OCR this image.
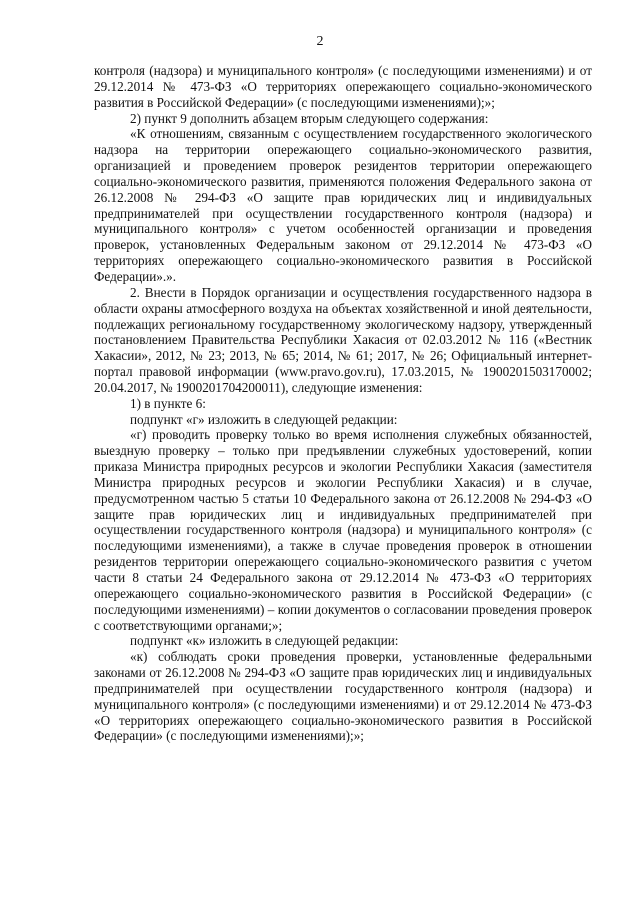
2

контроля (надзора) и муниципального контроля» (с последующими изменениями) и от 29.12.2014 № 473-ФЗ «О территориях опережающего социально-экономического развития в Российской Федерации» (с последующими изменениями);»;

2) пункт 9 дополнить абзацем вторым следующего содержания:

«К отношениям, связанным с осуществлением государственного экологического надзора на территории опережающего социально-экономического развития, организацией и проведением проверок резидентов территории опережающего социально-экономического развития, применяются положения Федерального закона от 26.12.2008 № 294-ФЗ «О защите прав юридических лиц и индивидуальных предпринимателей при осуществлении государственного контроля (надзора) и муниципального контроля» с учетом особенностей организации и проведения проверок, установленных Федеральным законом от 29.12.2014 № 473-ФЗ «О территориях опережающего социально-экономического развития в Российской Федерации».».

2. Внести в Порядок организации и осуществления государственного надзора в области охраны атмосферного воздуха на объектах хозяйственной и иной деятельности, подлежащих региональному государственному экологическому надзору, утвержденный постановлением Правительства Республики Хакасия от 02.03.2012 № 116 («Вестник Хакасии», 2012, № 23; 2013, № 65; 2014, № 61; 2017, № 26; Официальный интернет-портал правовой информации (www.pravo.gov.ru), 17.03.2015, № 1900201503170002; 20.04.2017, № 1900201704200011), следующие изменения:

1) в пункте 6:

подпункт «г» изложить в следующей редакции:

«г) проводить проверку только во время исполнения служебных обязанностей, выездную проверку – только при предъявлении служебных удостоверений, копии приказа Министра природных ресурсов и экологии Республики Хакасия (заместителя Министра природных ресурсов и экологии Республики Хакасия) и в случае, предусмотренном частью 5 статьи 10 Федерального закона от 26.12.2008 № 294-ФЗ «О защите прав юридических лиц и индивидуальных предпринимателей при осуществлении государственного контроля (надзора) и муниципального контроля» (с последующими изменениями), а также в случае проведения проверок в отношении резидентов территории опережающего социально-экономического развития с учетом части 8 статьи 24 Федерального закона от 29.12.2014 № 473-ФЗ «О территориях опережающего социально-экономического развития в Российской Федерации» (с последующими изменениями) – копии документов о согласовании проведения проверок с соответствующими органами;»;

подпункт «к» изложить в следующей редакции:

«к) соблюдать сроки проведения проверки, установленные федеральными законами от 26.12.2008 № 294-ФЗ «О защите прав юридических лиц и индивидуальных предпринимателей при осуществлении государственного контроля (надзора) и муниципального контроля» (с последующими изменениями) и от 29.12.2014 № 473-ФЗ «О территориях опережающего социально-экономического развития в Российской Федерации» (с последующими изменениями);»;
